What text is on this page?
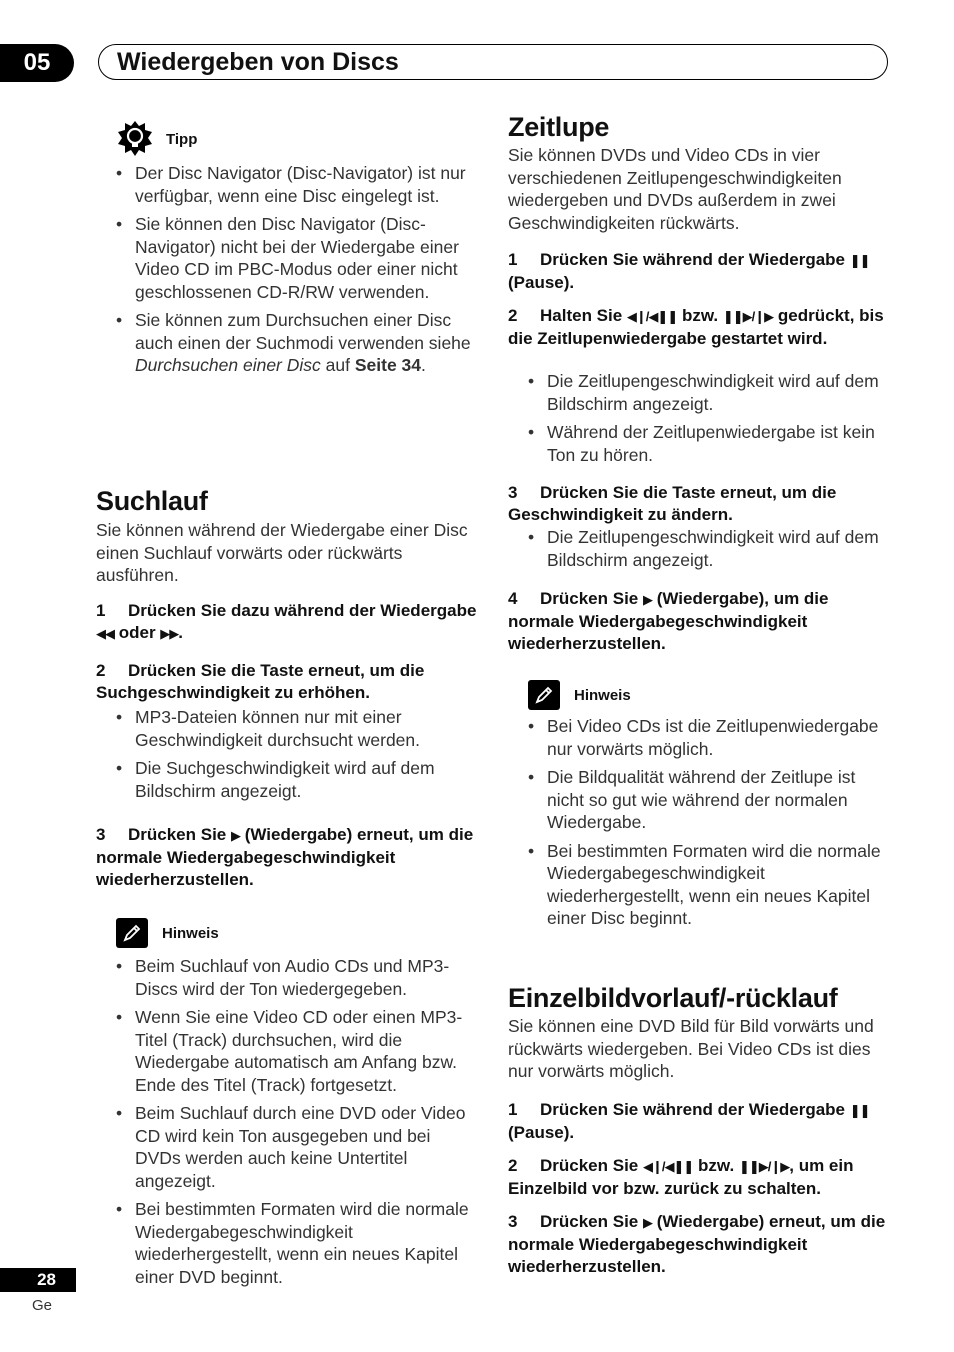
05	Wiedergeben von Discs
Tipp
• Der Disc Navigator (Disc-Navigator) ist nur verfügbar, wenn eine Disc eingelegt ist.
• Sie können den Disc Navigator (Disc-Navigator) nicht bei der Wiedergabe einer Video CD im PBC-Modus oder einer nicht geschlossenen CD-R/RW verwenden.
• Sie können zum Durchsuchen einer Disc auch einen der Suchmodi verwenden siehe Durchsuchen einer Disc auf Seite 34.
Suchlauf

Sie können während der Wiedergabe einer Disc einen Suchlauf vorwärts oder rückwärts ausführen.

1 Drücken Sie dazu während der Wiedergabe ◀◀ oder ▶▶.

2 Drücken Sie die Taste erneut, um die Suchgeschwindigkeit zu erhöhen.

• MP3-Dateien können nur mit einer Geschwindigkeit durchsucht werden.
• Die Suchgeschwindigkeit wird auf dem Bildschirm angezeigt.

3 Drücken Sie ▶ (Wiedergabe) erneut, um die normale Wiedergabegeschwindigkeit wiederherzustellen.

Hinweis
• Beim Suchlauf von Audio CDs und MP3-Discs wird der Ton wiedergegeben.
• Wenn Sie eine Video CD oder einen MP3-Titel (Track) durchsuchen, wird die Wiedergabe automatisch am Anfang bzw. Ende des Titel (Track) fortgesetzt.
• Beim Suchlauf durch eine DVD oder Video CD wird kein Ton ausgegeben und bei DVDs werden auch keine Untertitel angezeigt.
• Bei bestimmten Formaten wird die normale Wiedergabegeschwindigkeit wiederhergestellt, wenn ein neues Kapitel einer DVD beginnt.
Zeitlupe

Sie können DVDs und Video CDs in vier verschiedenen Zeitlupengeschwindigkeiten wiedergeben und DVDs außerdem in zwei Geschwindigkeiten rückwärts.

1 Drücken Sie während der Wiedergabe ❚❚ (Pause).

2 Halten Sie ◀❙/◀❚❚ bzw. ❚❚▶/❙▶ gedrückt, bis die Zeitlupenwiedergabe gestartet wird.

• Die Zeitlupengeschwindigkeit wird auf dem Bildschirm angezeigt.
• Während der Zeitlupenwiedergabe ist kein Ton zu hören.

3 Drücken Sie die Taste erneut, um die Geschwindigkeit zu ändern.

• Die Zeitlupengeschwindigkeit wird auf dem Bildschirm angezeigt.

4 Drücken Sie ▶ (Wiedergabe), um die normale Wiedergabegeschwindigkeit wiederherzustellen.

Hinweis
• Bei Video CDs ist die Zeitlupenwiedergabe nur vorwärts möglich.
• Die Bildqualität während der Zeitlupe ist nicht so gut wie während der normalen Wiedergabe.
• Bei bestimmten Formaten wird die normale Wiedergabegeschwindigkeit wiederhergestellt, wenn ein neues Kapitel einer Disc beginnt.
Einzelbildvorlauf/-rücklauf

Sie können eine DVD Bild für Bild vorwärts und rückwärts wiedergeben. Bei Video CDs ist dies nur vorwärts möglich.

1 Drücken Sie während der Wiedergabe ❚❚ (Pause).

2 Drücken Sie ◀❙/◀❚❚ bzw. ❚❚▶/❙▶, um ein Einzelbild vor bzw. zurück zu schalten.

3 Drücken Sie ▶ (Wiedergabe) erneut, um die normale Wiedergabegeschwindigkeit wiederherzustellen.

28
Ge
